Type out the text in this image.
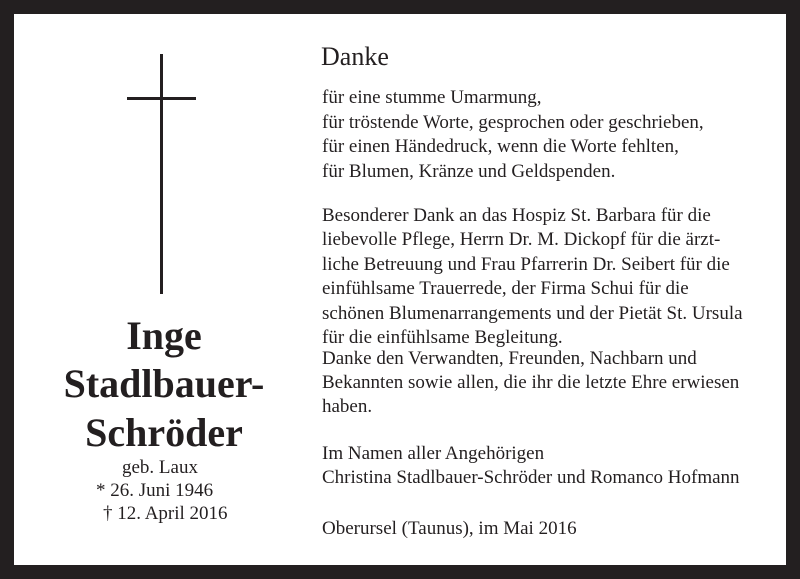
Inge
Stadlbauer-
Schröder
geb. Laux
* 26. Juni 1946
† 12. April 2016
Danke
für eine stumme Umarmung,
für tröstende Worte, gesprochen oder geschrieben,
für einen Händedruck, wenn die Worte fehlten,
für Blumen, Kränze und Geldspenden.
Besonderer Dank an das Hospiz St. Barbara für die
liebevolle Pflege, Herrn Dr. M. Dickopf für die ärzt-
liche Betreuung und Frau Pfarrerin Dr. Seibert für die
einfühlsame Trauerrede, der Firma Schui für die
schönen Blumenarrangements und der Pietät St. Ursula
für die einfühlsame Begleitung.
Danke den Verwandten, Freunden, Nachbarn und
Bekannten sowie allen, die ihr die letzte Ehre erwiesen
haben.
Im Namen aller Angehörigen
Christina Stadlbauer-Schröder und Romanco Hofmann
Oberursel (Taunus), im Mai 2016
